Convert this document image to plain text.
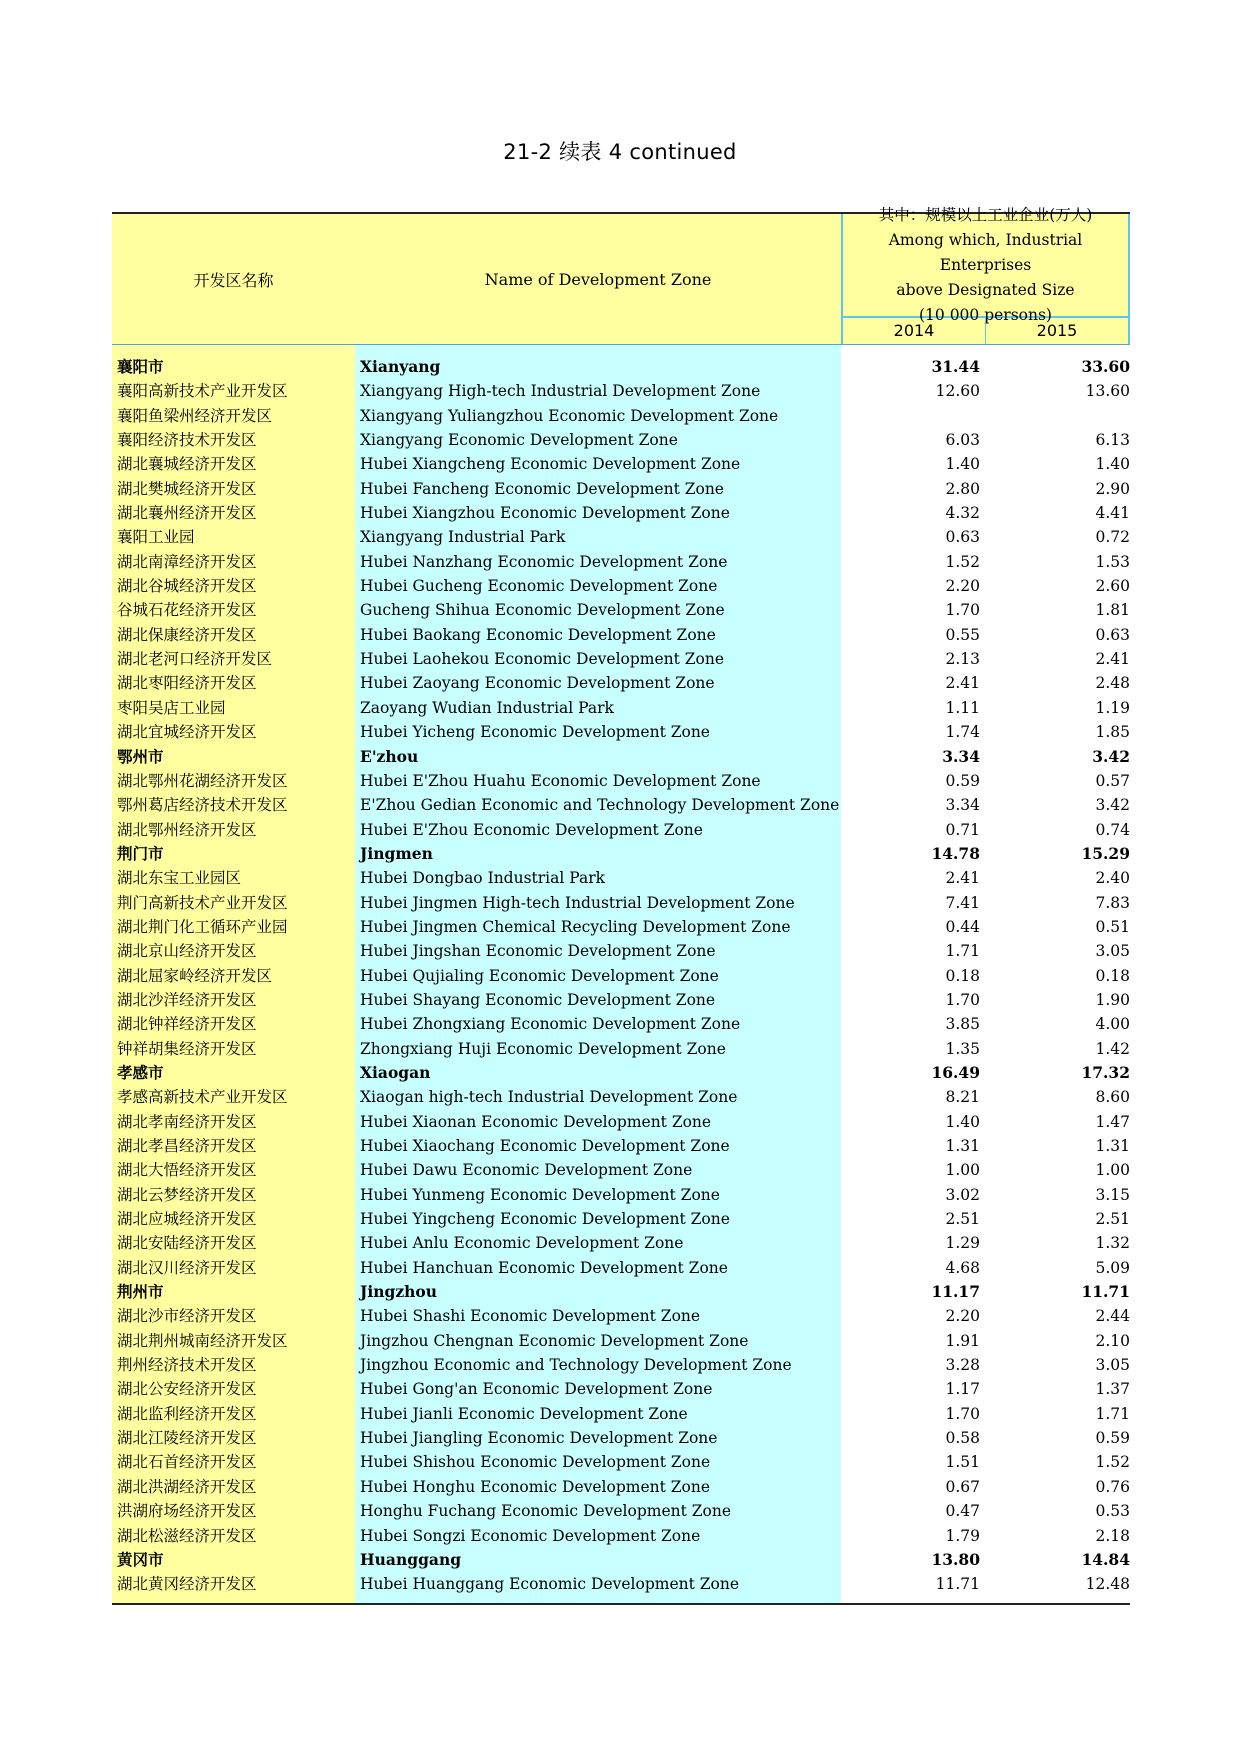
21-2 续表 4 continued
开发区名称	Name of Development Zone
其中：规模以上工业企业(万人)
Among which, Industrial Enterprises
above Designated Size
(10 000 persons)
2014	2015
襄阳市
襄阳高新技术产业开发区
襄阳鱼梁州经济开发区
襄阳经济技术开发区
湖北襄城经济开发区
湖北樊城经济开发区
湖北襄州经济开发区
襄阳工业园
湖北南漳经济开发区
湖北谷城经济开发区
谷城石花经济开发区
湖北保康经济开发区
湖北老河口经济开发区
湖北枣阳经济开发区
枣阳吴店工业园
湖北宜城经济开发区
鄂州市
湖北鄂州花湖经济开发区
鄂州葛店经济技术开发区
湖北鄂州经济开发区
荆门市
湖北东宝工业园区
荆门高新技术产业开发区
湖北荆门化工循环产业园
湖北京山经济开发区
湖北屈家岭经济开发区
湖北沙洋经济开发区
湖北钟祥经济开发区
钟祥胡集经济开发区
孝感市
孝感高新技术产业开发区
湖北孝南经济开发区
湖北孝昌经济开发区
湖北大悟经济开发区
湖北云梦经济开发区
湖北应城经济开发区
湖北安陆经济开发区
湖北汉川经济开发区
荆州市
湖北沙市经济开发区
湖北荆州城南经济开发区
荆州经济技术开发区
湖北公安经济开发区
湖北监利经济开发区
湖北江陵经济开发区
湖北石首经济开发区
湖北洪湖经济开发区
洪湖府场经济开发区
湖北松滋经济开发区
黄冈市
湖北黄冈经济开发区
Xianyang
Xiangyang High-tech Industrial Development Zone
Xiangyang Yuliangzhou Economic Development Zone
Xiangyang Economic Development Zone
Hubei Xiangcheng Economic Development Zone
Hubei Fancheng Economic Development Zone
Hubei Xiangzhou Economic Development Zone
Xiangyang Industrial Park
Hubei Nanzhang Economic Development Zone
Hubei Gucheng Economic Development Zone
Gucheng Shihua Economic Development Zone
Hubei Baokang Economic Development Zone
Hubei Laohekou Economic Development Zone
Hubei Zaoyang Economic Development Zone
Zaoyang Wudian Industrial Park
Hubei Yicheng Economic Development Zone
E'zhou
Hubei E'Zhou Huahu Economic Development Zone
E'Zhou Gedian Economic and Technology Development Zone
Hubei E'Zhou Economic Development Zone
Jingmen
Hubei Dongbao Industrial Park
Hubei Jingmen High-tech Industrial Development Zone
Hubei Jingmen Chemical Recycling Development Zone
Hubei Jingshan Economic Development Zone
Hubei Qujialing Economic Development Zone
Hubei Shayang Economic Development Zone
Hubei Zhongxiang Economic Development Zone
Zhongxiang Huji Economic Development Zone
Xiaogan
Xiaogan high-tech Industrial Development Zone
Hubei Xiaonan Economic Development Zone
Hubei Xiaochang Economic Development Zone
Hubei Dawu Economic Development Zone
Hubei Yunmeng Economic Development Zone
Hubei Yingcheng Economic Development Zone
Hubei Anlu Economic Development Zone
Hubei Hanchuan Economic Development Zone
Jingzhou
Hubei Shashi Economic Development Zone
Jingzhou Chengnan Economic Development Zone
Jingzhou Economic and Technology Development Zone
Hubei Gong'an Economic Development Zone
Hubei Jianli Economic Development Zone
Hubei Jiangling Economic Development Zone
Hubei Shishou Economic Development Zone
Hubei Honghu Economic Development Zone
Honghu Fuchang Economic Development Zone
Hubei Songzi Economic Development Zone
Huanggang
Hubei Huanggang Economic Development Zone
31.44
12.60
6.03
1.40
2.80
4.32
0.63
1.52
2.20
1.70
0.55
2.13
2.41
1.11
1.74
3.34
0.59
3.34
0.71
14.78
2.41
7.41
0.44
1.71
0.18
1.70
3.85
1.35
16.49
8.21
1.40
1.31
1.00
3.02
2.51
1.29
4.68
11.17
2.20
1.91
3.28
1.17
1.70
0.58
1.51
0.67
0.47
1.79
13.80
11.71
33.60
13.60
6.13
1.40
2.90
4.41
0.72
1.53
2.60
1.81
0.63
2.41
2.48
1.19
1.85
3.42
0.57
3.42
0.74
15.29
2.40
7.83
0.51
3.05
0.18
1.90
4.00
1.42
17.32
8.60
1.47
1.31
1.00
3.15
2.51
1.32
5.09
11.71
2.44
2.10
3.05
1.37
1.71
0.59
1.52
0.76
0.53
2.18
14.84
12.48
